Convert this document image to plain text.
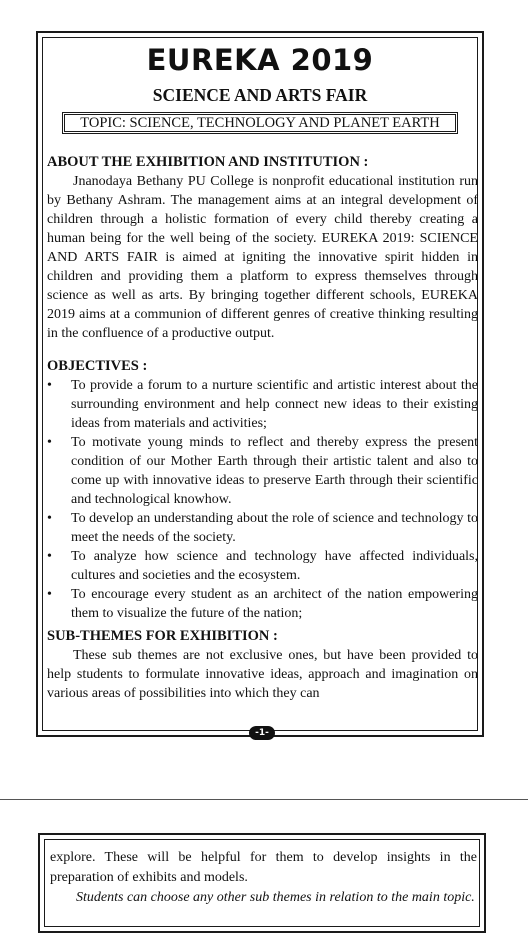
EUREKA 2019
SCIENCE AND ARTS FAIR
TOPIC: SCIENCE, TECHNOLOGY AND PLANET EARTH

ABOUT THE EXHIBITION AND INSTITUTION :

Jnanodaya Bethany PU College is nonprofit educational institution run by Bethany Ashram. The management aims at an integral development of children through a holistic formation of every child thereby creating a human being for the well being of the society. EUREKA 2019: SCIENCE AND ARTS FAIR is aimed at igniting the innovative spirit hidden in children and providing them a platform to express themselves through science as well as arts. By bringing together different schools, EUREKA 2019 aims at a communion of different genres of creative thinking resulting in the confluence of a productive output.

OBJECTIVES :

• To provide a forum to a nurture scientific and artistic interest about the surrounding environment and help connect new ideas to their existing ideas from materials and activities;
• To motivate young minds to reflect and thereby express the present condition of our Mother Earth through their artistic talent and also to come up with innovative ideas to preserve Earth through their scientific and technological knowhow.
• To develop an understanding about the role of science and technology to meet the needs of the society.
• To analyze how science and technology have affected individuals, cultures and societies and the ecosystem.
• To encourage every student as an architect of the nation empowering them to visualize the future of the nation;

SUB-THEMES FOR EXHIBITION :

These sub themes are not exclusive ones, but have been provided to help students to formulate innovative ideas, approach and imagination on various areas of possibilities into which they can

-1-

explore. These will be helpful for them to develop insights in the preparation of exhibits and models.

Students can choose any other sub themes in relation to the main topic.
